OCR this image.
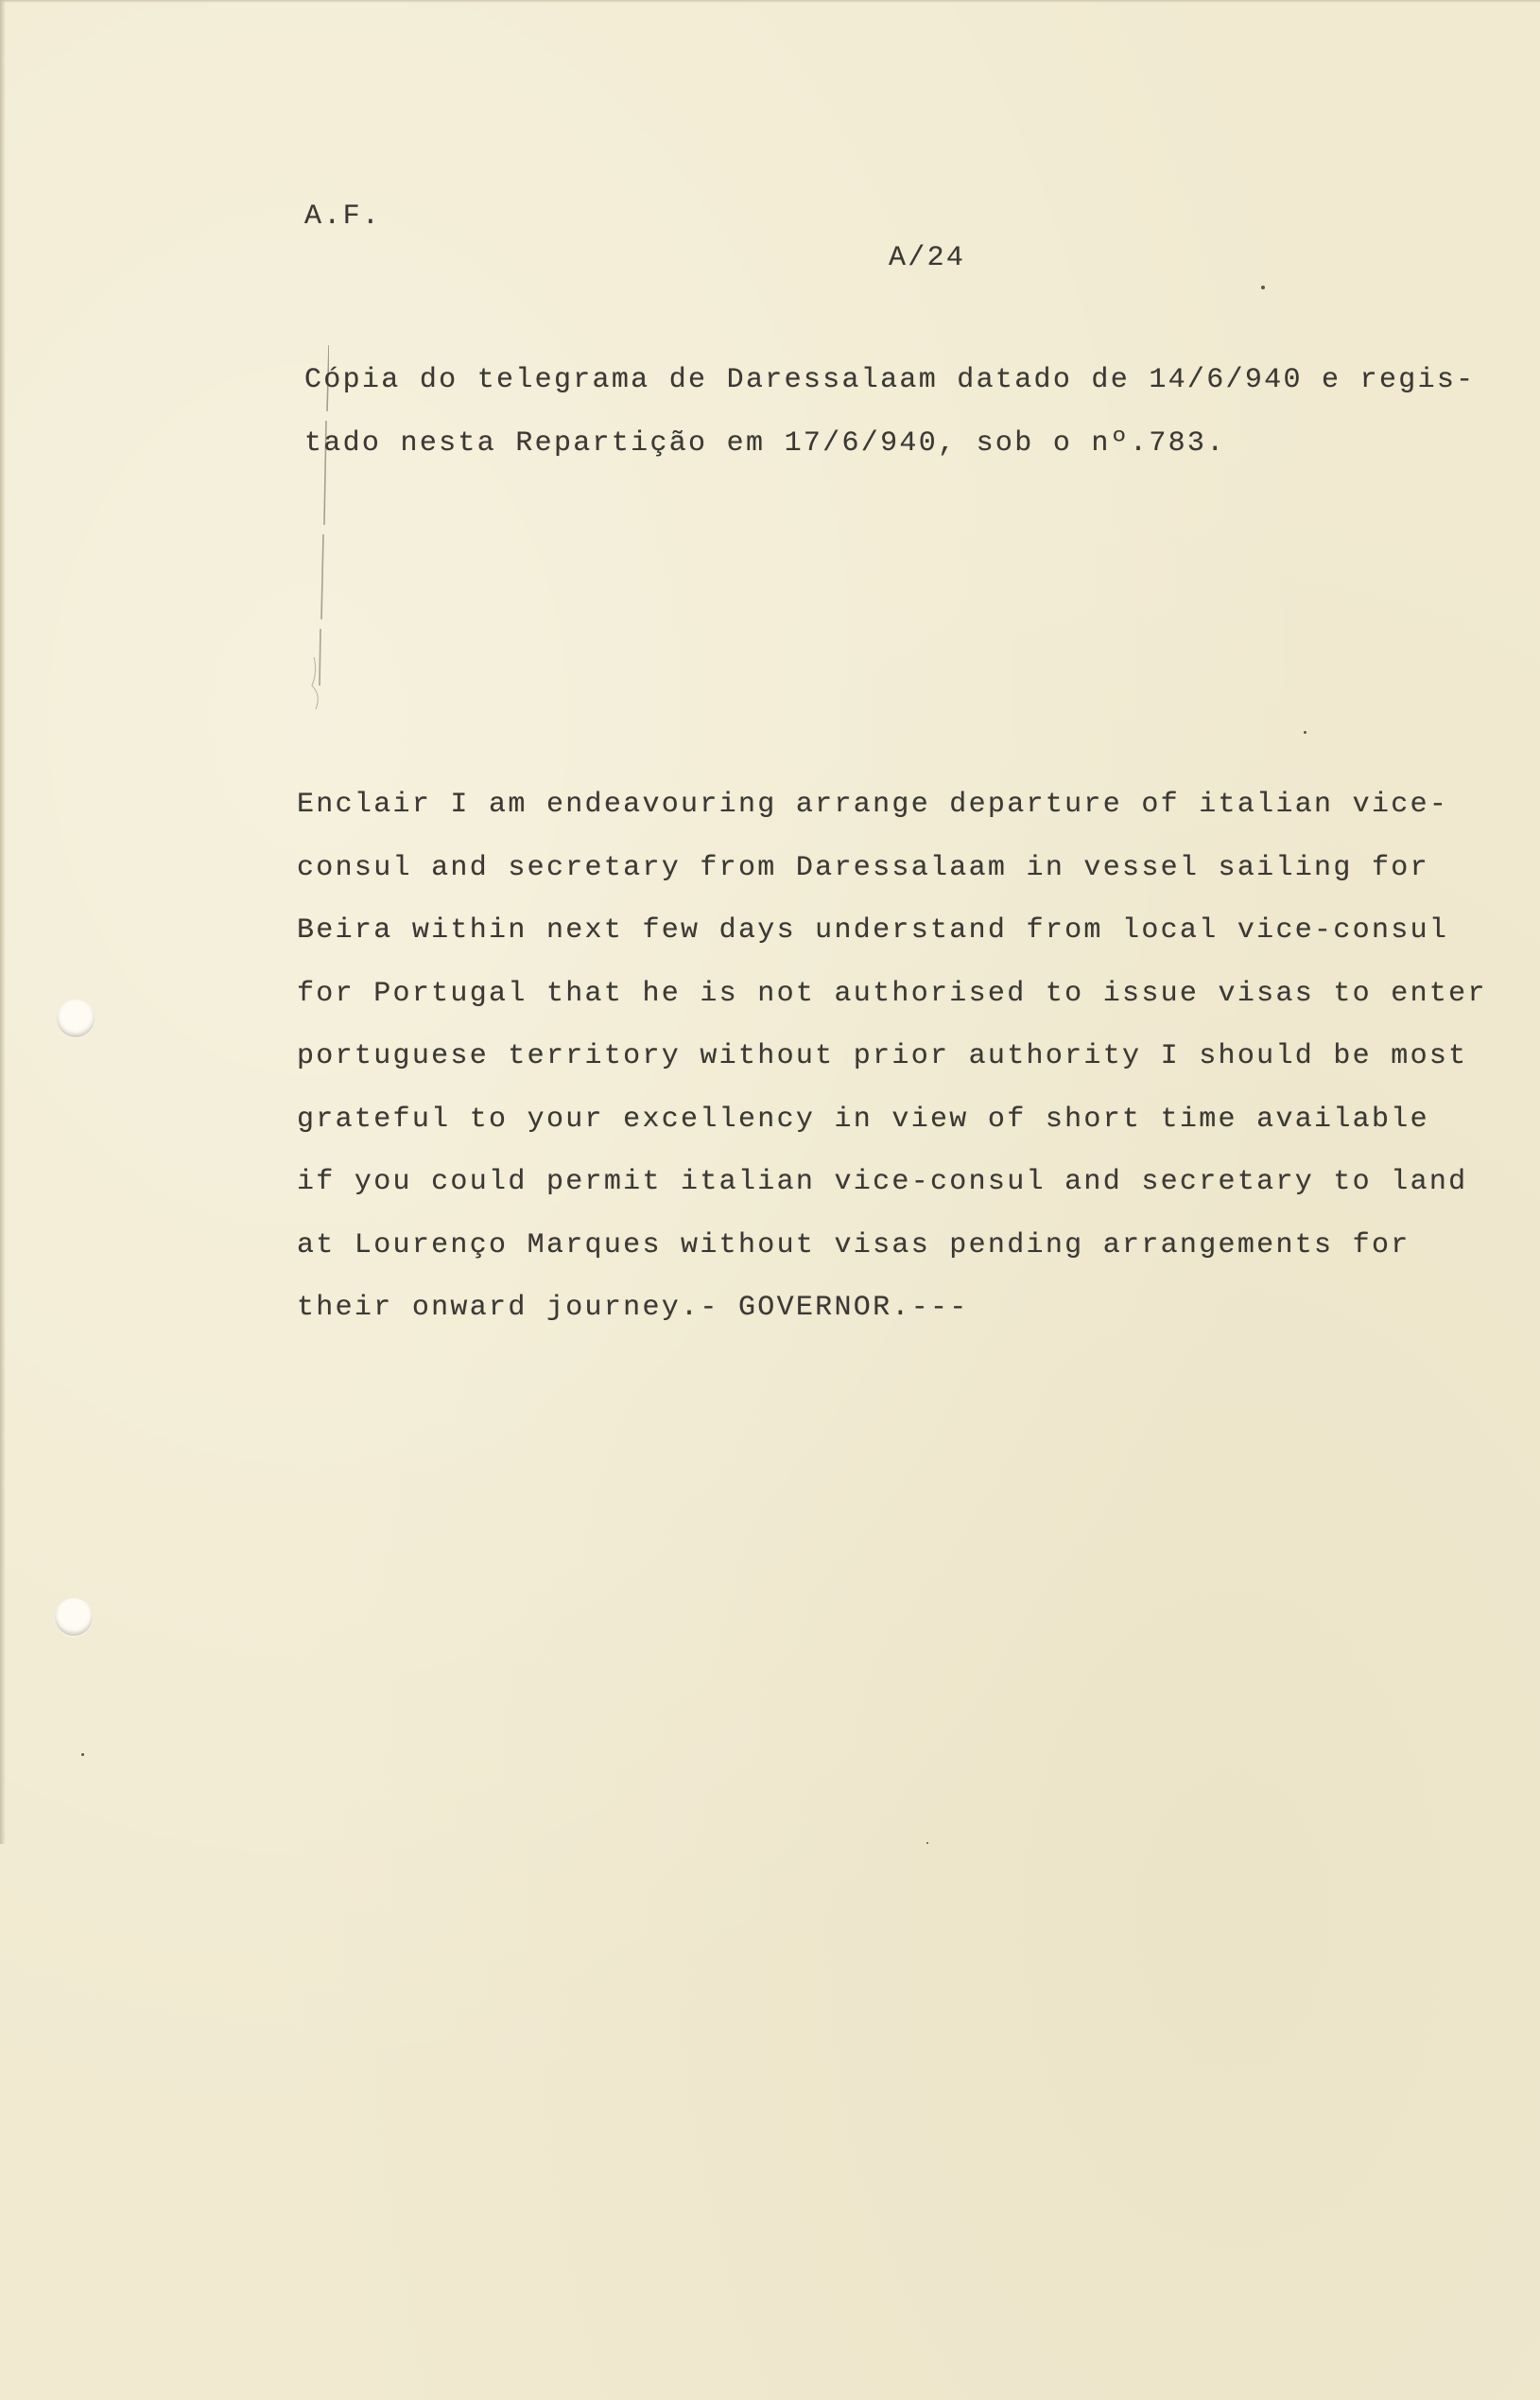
A.F.
A/24
Cópia do telegrama de Daressalaam datado de 14/6/940 e regis-
tado nesta Repartição em 17/6/940, sob o nº.783.
Enclair I am endeavouring arrange departure of italian vice-
consul and secretary from Daressalaam in vessel sailing for
Beira within next few days understand from local vice-consul
for Portugal that he is not authorised to issue visas to enter
portuguese territory without prior authority I should be most
grateful to your excellency in view of short time available
if you could permit italian vice-consul and secretary to land
at Lourenço Marques without visas pending arrangements for
their onward journey.- GOVERNOR.---
